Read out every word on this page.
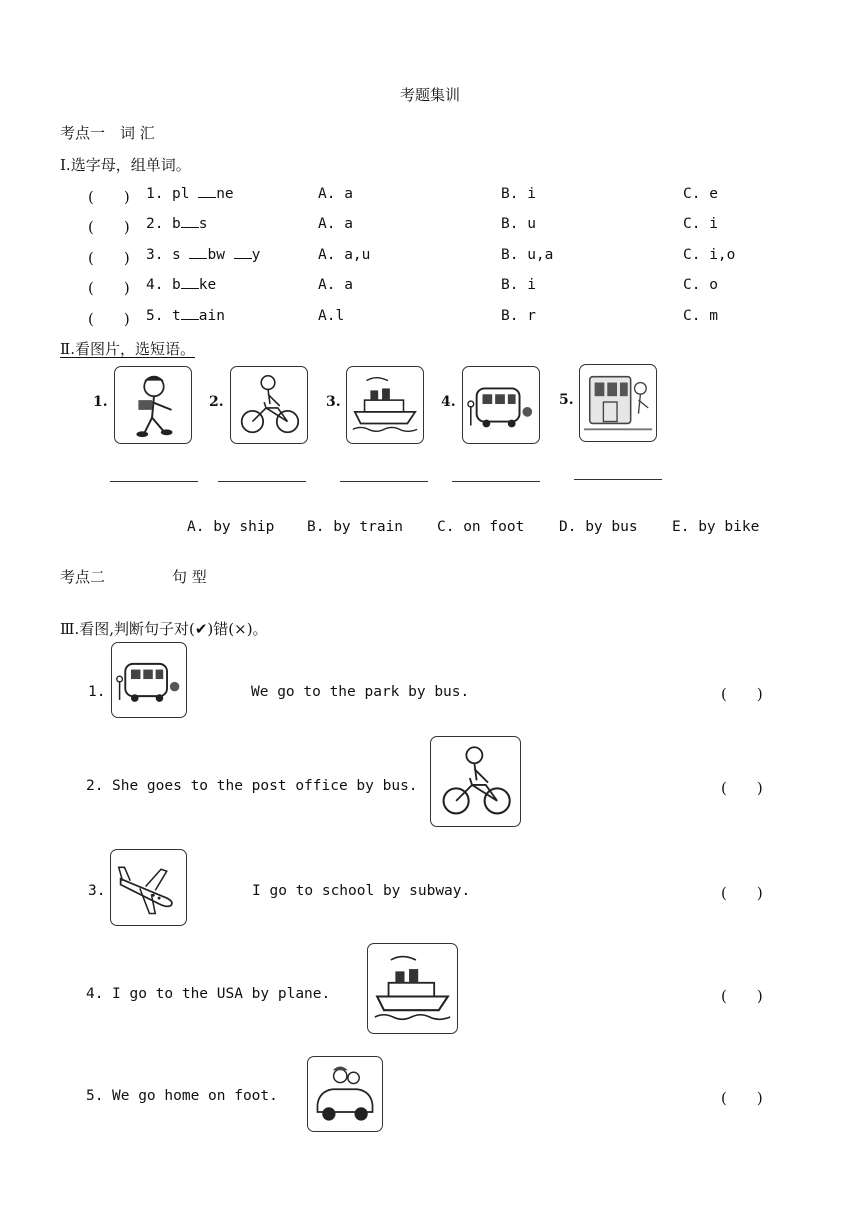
考题集训
考点一　词 汇
Ⅰ.选字母，组单词。
(　　) 1. pl ne	A. a	B. i	C. e
(　　) 2. b s	A. a	B. u	C. i
(　　) 3. s bw y	A. a,u	B. u,a	C. i,o
(　　) 4. b ke	A. a	B. i	C. o
(　　) 5. t ain	A.l	B. r	C. m
Ⅱ.看图片，选短语。
1.	2.	3.	4.	5.
A. by ship B. by train C. on foot D. by bus E. by bike
考点二	句 型
Ⅲ.看图,判断句子对(✔)错(×)。
1.	We go to the park by bus.	(　　)
2. She goes to the post office by bus.	(　　)
3.	I go to school by subway.	(　　)
4. I go to the USA by plane.	(　　)
5. We go home on foot.	(　　)
